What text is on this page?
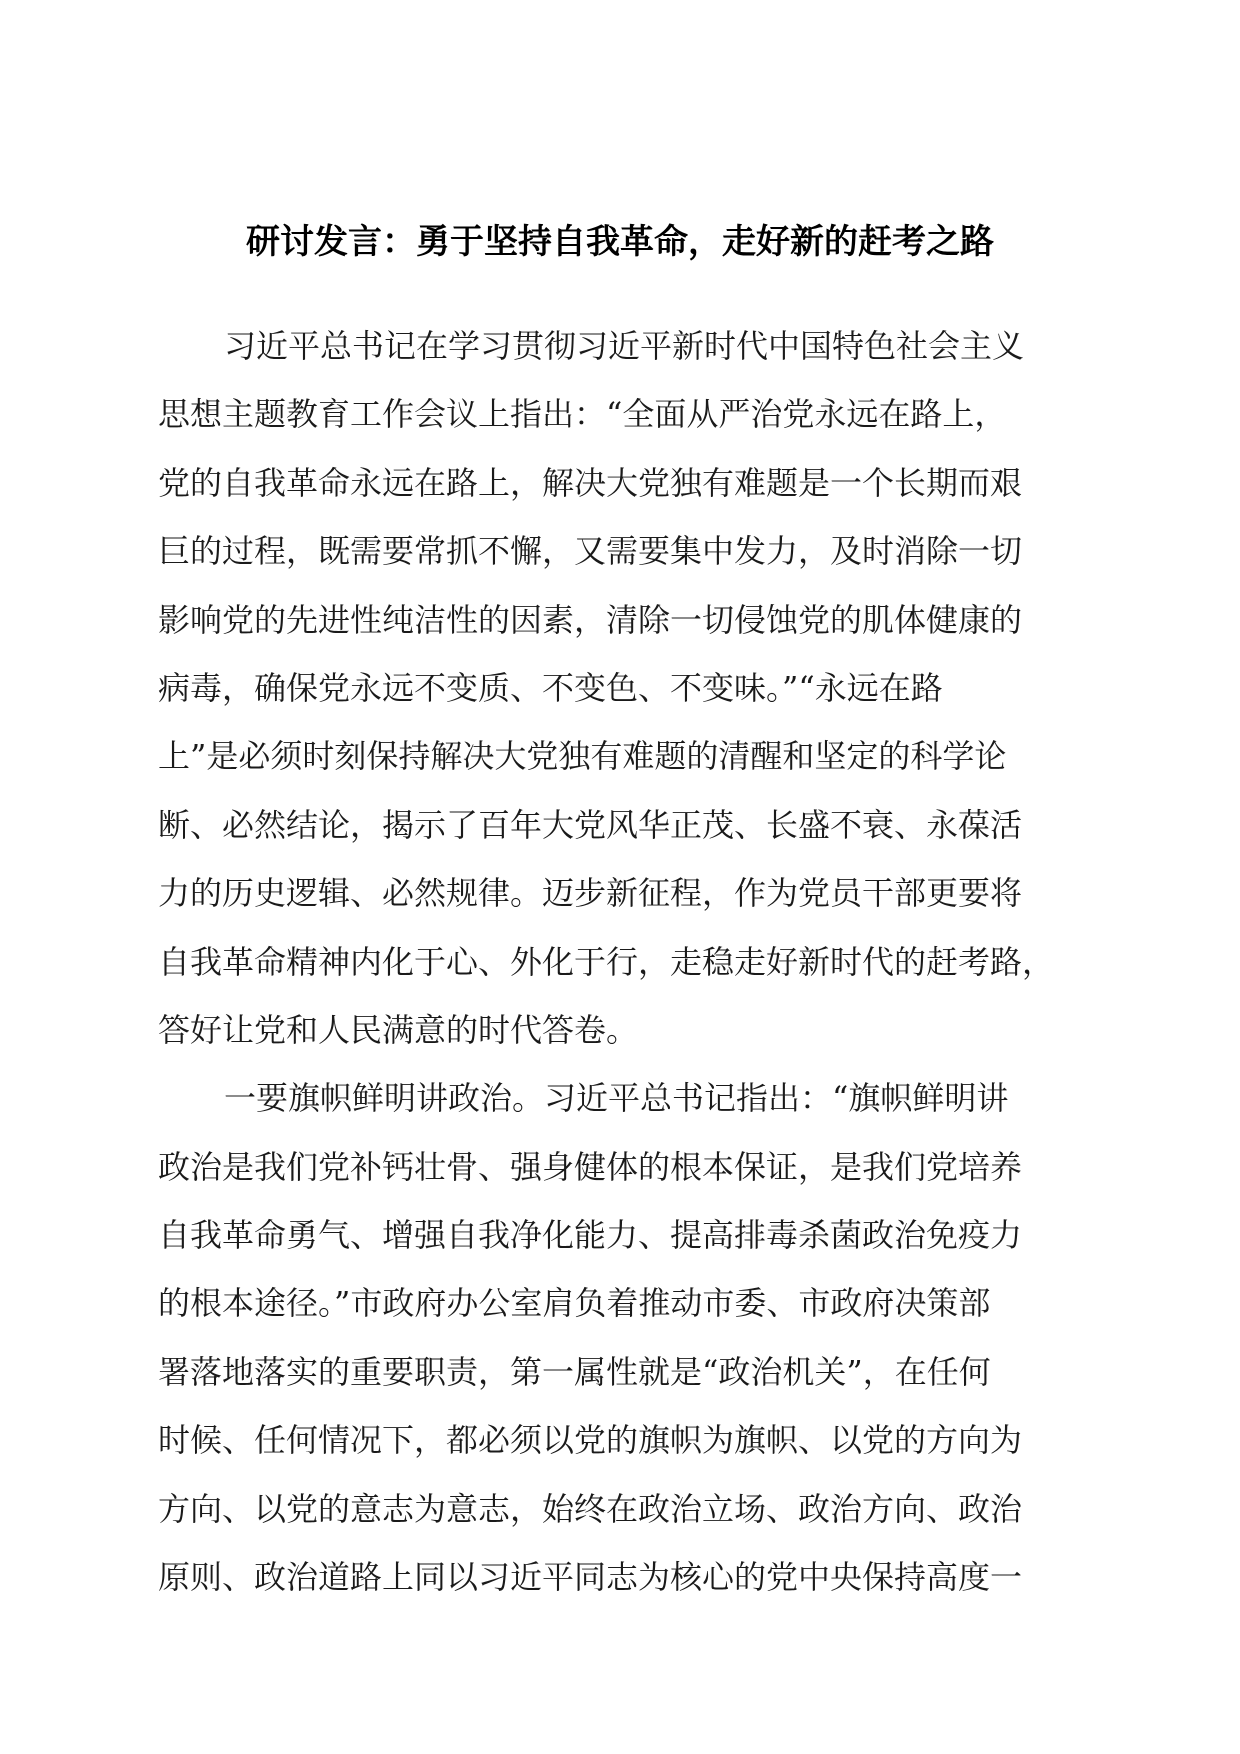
研讨发言：勇于坚持自我革命，走好新的赶考之路

习近平总书记在学习贯彻习近平新时代中国特色社会主义
思想主题教育工作会议上指出：“全面从严治党永远在路上，
党的自我革命永远在路上，解决大党独有难题是一个长期而艰
巨的过程，既需要常抓不懈，又需要集中发力，及时消除一切
影响党的先进性纯洁性的因素，清除一切侵蚀党的肌体健康的
病毒，确保党永远不变质、不变色、不变味。”“永远在路
上”是必须时刻保持解决大党独有难题的清醒和坚定的科学论
断、必然结论，揭示了百年大党风华正茂、长盛不衰、永葆活
力的历史逻辑、必然规律。迈步新征程，作为党员干部更要将
自我革命精神内化于心、外化于行，走稳走好新时代的赶考路，
答好让党和人民满意的时代答卷。

一要旗帜鲜明讲政治。习近平总书记指出：“旗帜鲜明讲
政治是我们党补钙壮骨、强身健体的根本保证，是我们党培养
自我革命勇气、增强自我净化能力、提高排毒杀菌政治免疫力
的根本途径。”市政府办公室肩负着推动市委、市政府决策部
署落地落实的重要职责，第一属性就是“政治机关”，在任何
时候、任何情况下，都必须以党的旗帜为旗帜、以党的方向为
方向、以党的意志为意志，始终在政治立场、政治方向、政治
原则、政治道路上同以习近平同志为核心的党中央保持高度一
